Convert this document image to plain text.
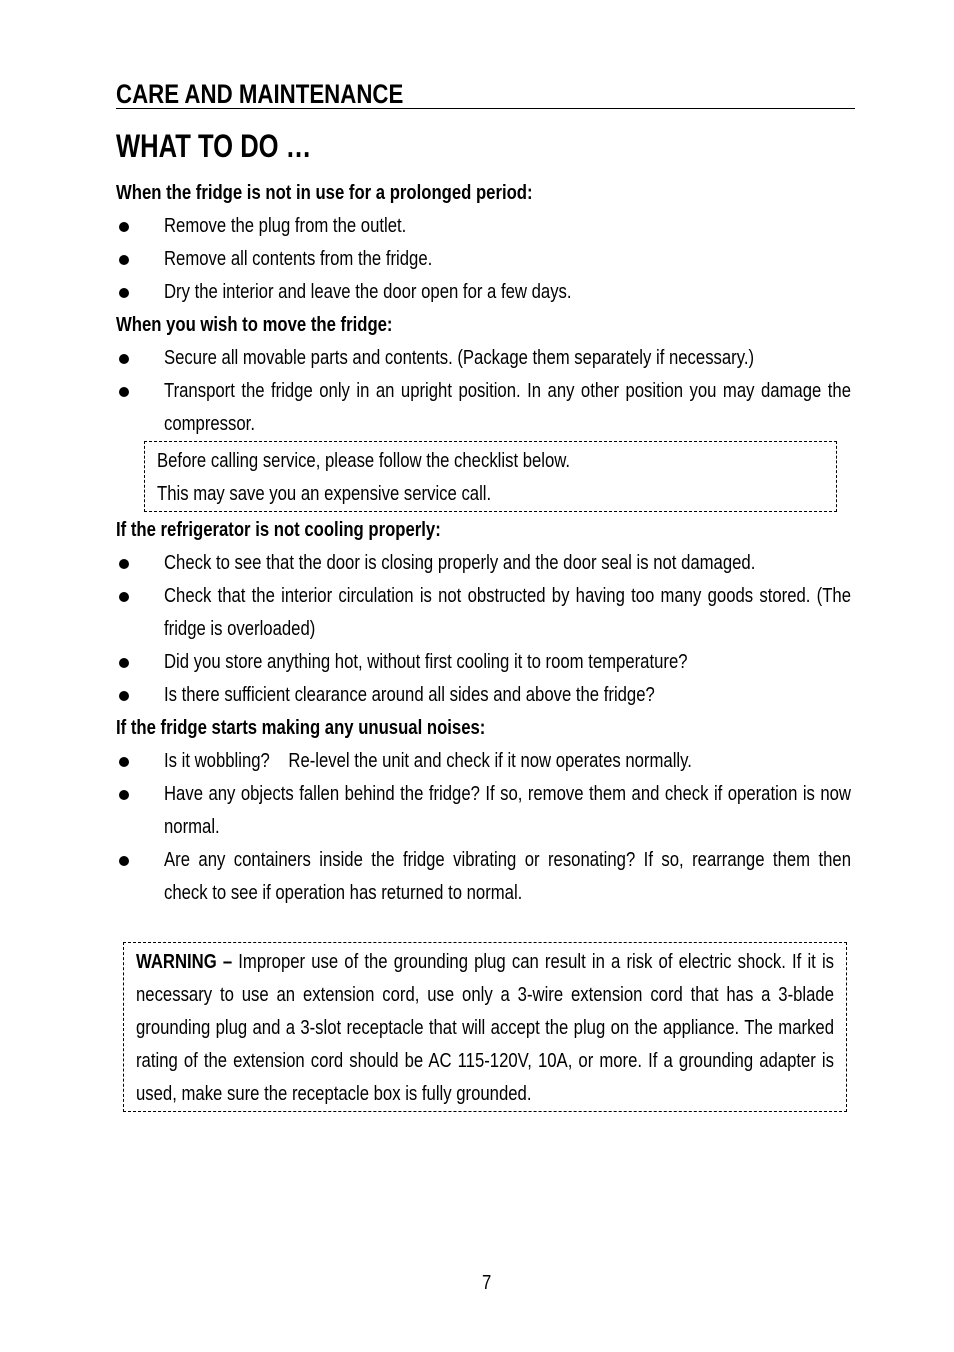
CARE AND MAINTENANCE
WHAT TO DO …
When the fridge is not in use for a prolonged period:
Remove the plug from the outlet.
Remove all contents from the fridge.
Dry the interior and leave the door open for a few days.
When you wish to move the fridge:
Secure all movable parts and contents. (Package them separately if necessary.)
Transport the fridge only in an upright position. In any other position you may damage the
compressor.
Before calling service, please follow the checklist below.
This may save you an expensive service call.
If the refrigerator is not cooling properly:
Check to see that the door is closing properly and the door seal is not damaged.
Check that the interior circulation is not obstructed by having too many goods stored. (The
fridge is overloaded)
Did you store anything hot, without first cooling it to room temperature?
Is there sufficient clearance around all sides and above the fridge?
If the fridge starts making any unusual noises:
Is it wobbling?    Re-level the unit and check if it now operates normally.
Have any objects fallen behind the fridge? If so, remove them and check if operation is now
normal.
Are any containers inside the fridge vibrating or resonating? If so, rearrange them then
check to see if operation has returned to normal.
WARNING – Improper use of the grounding plug can result in a risk of electric shock. If it is
necessary to use an extension cord, use only a 3-wire extension cord that has a 3-blade
grounding plug and a 3-slot receptacle that will accept the plug on the appliance. The marked
rating of the extension cord should be AC 115-120V, 10A, or more. If a grounding adapter is
used, make sure the receptacle box is fully grounded.
7
